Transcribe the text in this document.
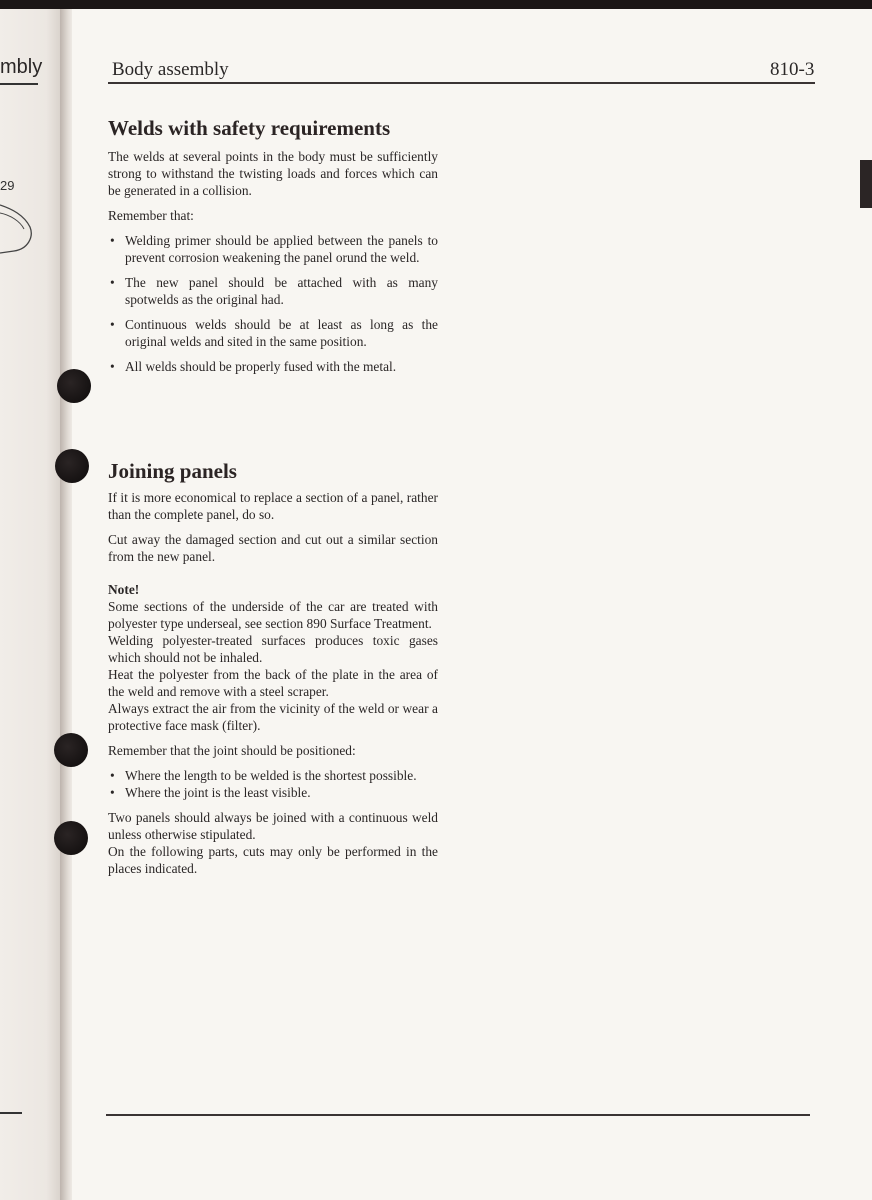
mbly
29
Body assembly	810-3
Welds with safety requirements

The welds at several points in the body must be sufficiently strong to withstand the twisting loads and forces which can be generated in a collision.

Remember that:

• Welding primer should be applied between the panels to prevent corrosion weakening the panel orund the weld.
• The new panel should be attached with as many spotwelds as the original had.
• Continuous welds should be at least as long as the original welds and sited in the same position.
• All welds should be properly fused with the metal.
Joining panels

If it is more economical to replace a section of a panel, rather than the complete panel, do so.

Cut away the damaged section and cut out a similar section from the new panel.

Note!

Some sections of the underside of the car are treated with polyester type underseal, see section 890 Surface Treatment.

Welding polyester-treated surfaces produces toxic gases which should not be inhaled.

Heat the polyester from the back of the plate in the area of the weld and remove with a steel scraper.

Always extract the air from the vicinity of the weld or wear a protective face mask (filter).

Remember that the joint should be positioned:

• Where the length to be welded is the shortest possible.
• Where the joint is the least visible.

Two panels should always be joined with a continuous weld unless otherwise stipulated.

On the following parts, cuts may only be performed in the places indicated.
